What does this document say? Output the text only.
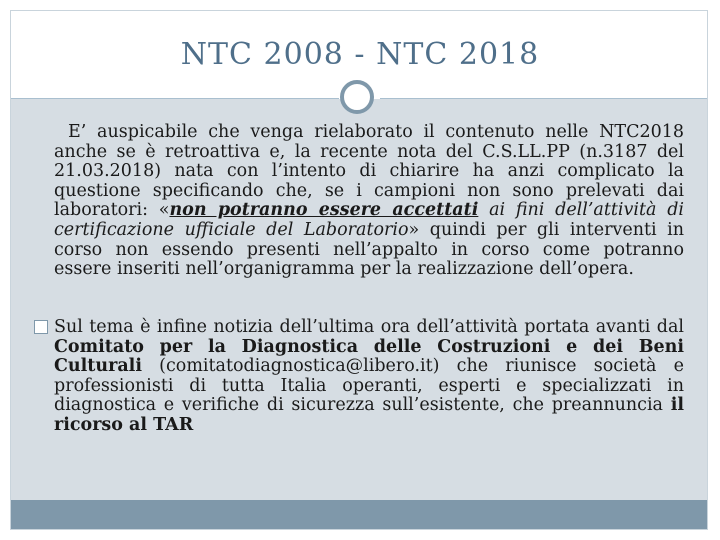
NTC 2008 - NTC 2018
E’ auspicabile che venga rielaborato il contenuto nelle NTC2018 anche se è retroattiva e, la recente nota del C.S.LL.PP (n.3187 del 21.03.2018) nata con l’intento di chiarire ha anzi complicato la questione specificando che, se i campioni non sono prelevati dai laboratori: «non potranno essere accettati ai fini dell’attività di certificazione ufficiale del Laboratorio» quindi per gli interventi in corso non essendo presenti nell’appalto in corso come potranno essere inseriti nell’organigramma per la realizzazione dell’opera.
Sul tema è infine notizia dell’ultima ora dell’attività portata avanti dal Comitato per la Diagnostica delle Costruzioni e dei Beni Culturali (comitatodiagnostica@libero.it) che riunisce società e professionisti di tutta Italia operanti, esperti e specializzati in diagnostica e verifiche di sicurezza sull’esistente, che preannuncia il ricorso al TAR
